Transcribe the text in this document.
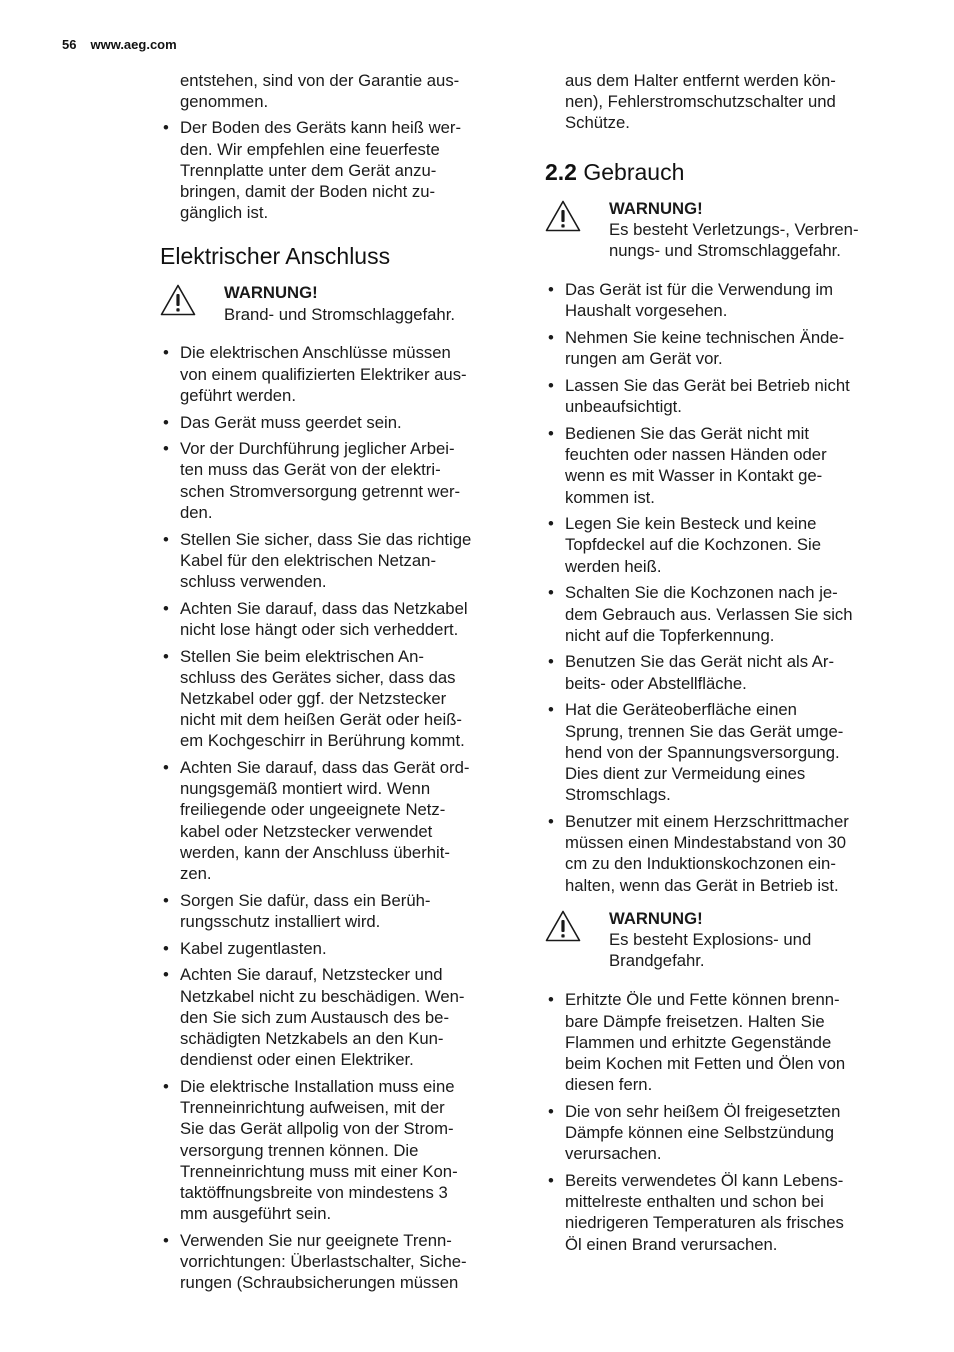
56 www.aeg.com

entstehen, sind von der Garantie aus-
genommen.

• Der Boden des Geräts kann heiß wer-
den. Wir empfehlen eine feuerfeste
Trennplatte unter dem Gerät anzu-
bringen, damit der Boden nicht zu-
gänglich ist.
Elektrischer Anschluss
WARNUNG!
Brand- und Stromschlaggefahr.
• Die elektrischen Anschlüsse müssen
von einem qualifizierten Elektriker aus-
geführt werden.
• Das Gerät muss geerdet sein.
• Vor der Durchführung jeglicher Arbei-
ten muss das Gerät von der elektri-
schen Stromversorgung getrennt wer-
den.
• Stellen Sie sicher, dass Sie das richtige
Kabel für den elektrischen Netzan-
schluss verwenden.
• Achten Sie darauf, dass das Netzkabel
nicht lose hängt oder sich verheddert.
• Stellen Sie beim elektrischen An-
schluss des Gerätes sicher, dass das
Netzkabel oder ggf. der Netzstecker
nicht mit dem heißen Gerät oder heiß-
em Kochgeschirr in Berührung kommt.
• Achten Sie darauf, dass das Gerät ord-
nungsgemäß montiert wird. Wenn
freiliegende oder ungeeignete Netz-
kabel oder Netzstecker verwendet
werden, kann der Anschluss überhit-
zen.
• Sorgen Sie dafür, dass ein Berüh-
rungsschutz installiert wird.
• Kabel zugentlasten.
• Achten Sie darauf, Netzstecker und
Netzkabel nicht zu beschädigen. Wen-
den Sie sich zum Austausch des be-
schädigten Netzkabels an den Kun-
dendienst oder einen Elektriker.
• Die elektrische Installation muss eine
Trenneinrichtung aufweisen, mit der
Sie das Gerät allpolig von der Strom-
versorgung trennen können. Die
Trenneinrichtung muss mit einer Kon-
taktöffnungsbreite von mindestens 3
mm ausgeführt sein.
• Verwenden Sie nur geeignete Trenn-
vorrichtungen: Überlastschalter, Siche-
rungen (Schraubsicherungen müssen

aus dem Halter entfernt werden kön-
nen), Fehlerstromschutzschalter und
Schütze.

2.2 Gebrauch
WARNUNG!
Es besteht Verletzungs-, Verbren-
nungs- und Stromschlaggefahr.
• Das Gerät ist für die Verwendung im
Haushalt vorgesehen.
• Nehmen Sie keine technischen Ände-
rungen am Gerät vor.
• Lassen Sie das Gerät bei Betrieb nicht
unbeaufsichtigt.
• Bedienen Sie das Gerät nicht mit
feuchten oder nassen Händen oder
wenn es mit Wasser in Kontakt ge-
kommen ist.
• Legen Sie kein Besteck und keine
Topfdeckel auf die Kochzonen. Sie
werden heiß.
• Schalten Sie die Kochzonen nach je-
dem Gebrauch aus. Verlassen Sie sich
nicht auf die Topferkennung.
• Benutzen Sie das Gerät nicht als Ar-
beits- oder Abstellfläche.
• Hat die Geräteoberfläche einen
Sprung, trennen Sie das Gerät umge-
hend von der Spannungsversorgung.
Dies dient zur Vermeidung eines
Stromschlags.
• Benutzer mit einem Herzschrittmacher
müssen einen Mindestabstand von 30
cm zu den Induktionskochzonen ein-
halten, wenn das Gerät in Betrieb ist.
WARNUNG!
Es besteht Explosions- und
Brandgefahr.
• Erhitzte Öle und Fette können brenn-
bare Dämpfe freisetzen. Halten Sie
Flammen und erhitzte Gegenstände
beim Kochen mit Fetten und Ölen von
diesen fern.
• Die von sehr heißem Öl freigesetzten
Dämpfe können eine Selbstzündung
verursachen.
• Bereits verwendetes Öl kann Lebens-
mittelreste enthalten und schon bei
niedrigeren Temperaturen als frisches
Öl einen Brand verursachen.
